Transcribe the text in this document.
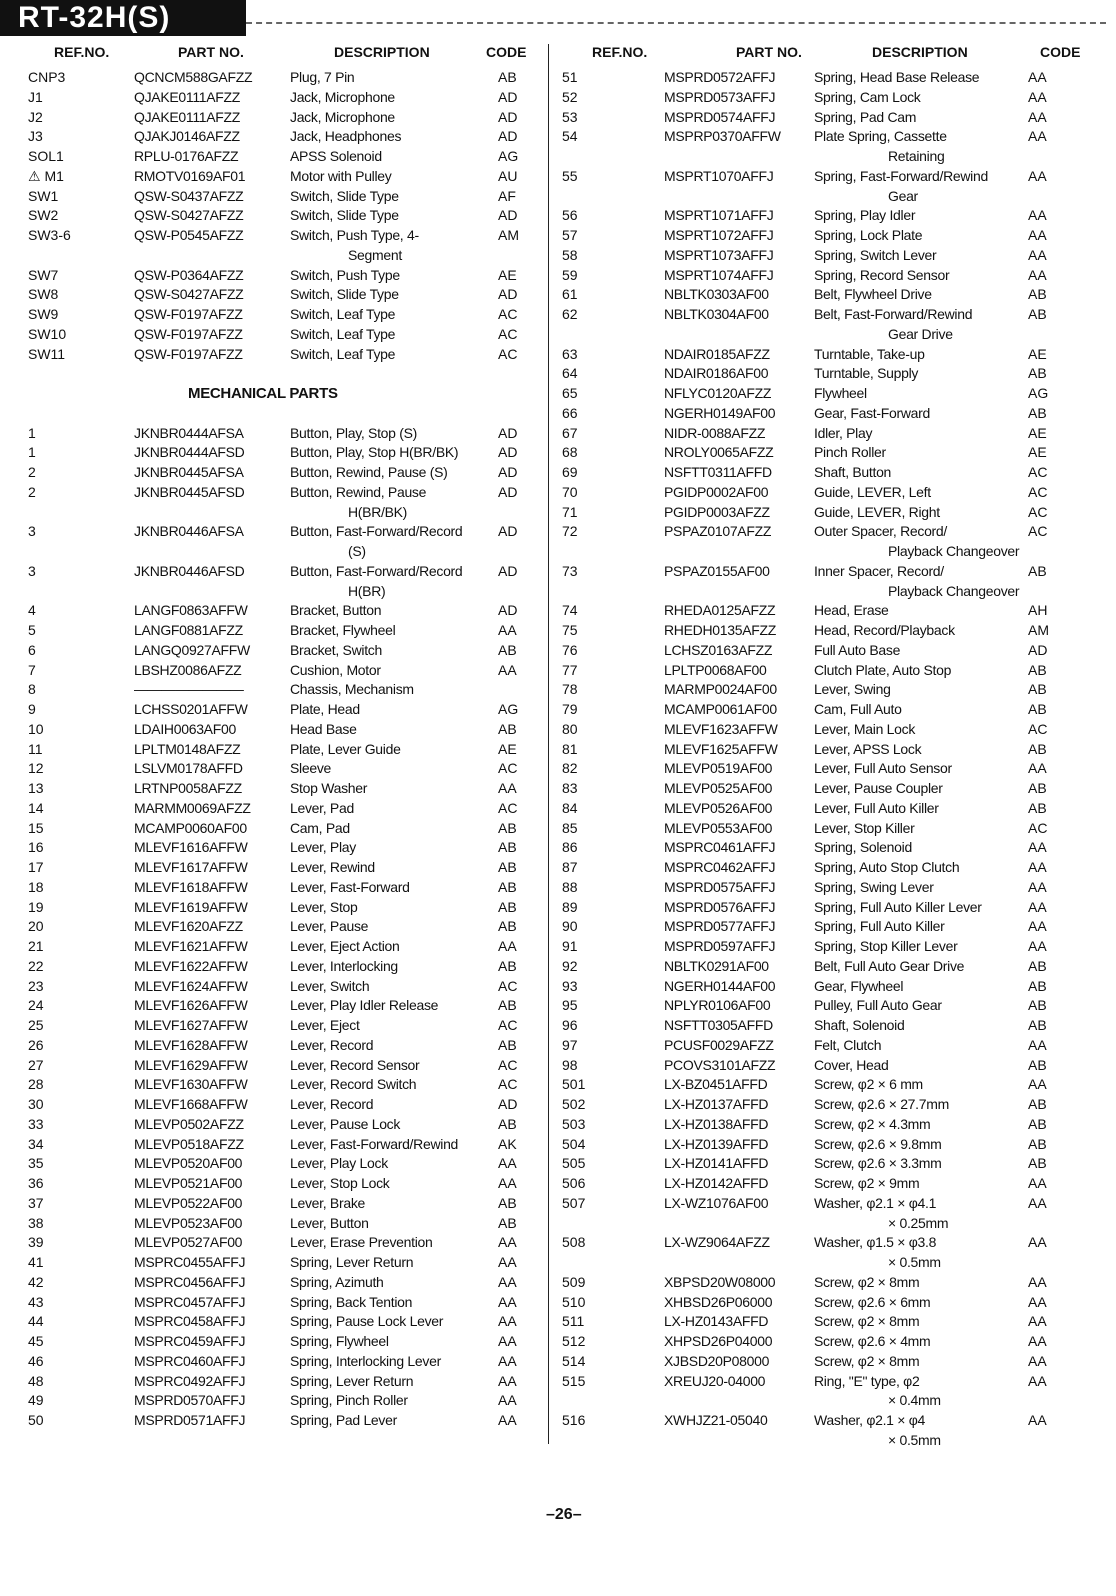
RT-32H(S)
REF.NO.	PART NO.	DESCRIPTION	CODE	REF.NO.	PART NO.	DESCRIPTION	CODE
CNP3	QCNCM588GAFZZ	Plug, 7 Pin	AB
J1	QJAKE0111AFZZ	Jack, Microphone	AD
J2	QJAKE0111AFZZ	Jack, Microphone	AD
J3	QJAKJ0146AFZZ	Jack, Headphones	AD
SOL1	RPLU-0176AFZZ	APSS Solenoid	AG
⚠ M1	RMOTV0169AF01	Motor with Pulley	AU
SW1	QSW-S0437AFZZ	Switch, Slide Type	AF
SW2	QSW-S0427AFZZ	Switch, Slide Type	AD
SW3-6	QSW-P0545AFZZ	Switch, Push Type, 4-	AM
Segment
SW7	QSW-P0364AFZZ	Switch, Push Type	AE
SW8	QSW-S0427AFZZ	Switch, Slide Type	AD
SW9	QSW-F0197AFZZ	Switch, Leaf Type	AC
SW10	QSW-F0197AFZZ	Switch, Leaf Type	AC
SW11	QSW-F0197AFZZ	Switch, Leaf Type	AC
MECHANICAL PARTS
1	JKNBR0444AFSA	Button, Play, Stop (S)	AD
1	JKNBR0444AFSD	Button, Play, Stop H(BR/BK)	AD
2	JKNBR0445AFSA	Button, Rewind, Pause (S)	AD
2	JKNBR0445AFSD	Button, Rewind, Pause	AD
H(BR/BK)
3	JKNBR0446AFSA	Button, Fast-Forward/Record	AD
(S)
3	JKNBR0446AFSD	Button, Fast-Forward/Record	AD
H(BR)
4	LANGF0863AFFW	Bracket, Button	AD
5	LANGF0881AFZZ	Bracket, Flywheel	AA
6	LANGQ0927AFFW	Bracket, Switch	AB
7	LBSHZ0086AFZZ	Cushion, Motor	AA
8	————————	Chassis, Mechanism
9	LCHSS0201AFFW	Plate, Head	AG
10	LDAIH0063AF00	Head Base	AB
11	LPLTM0148AFZZ	Plate, Lever Guide	AE
12	LSLVM0178AFFD	Sleeve	AC
13	LRTNP0058AFZZ	Stop Washer	AA
14	MARMM0069AFZZ	Lever, Pad	AC
15	MCAMP0060AF00	Cam, Pad	AB
16	MLEVF1616AFFW	Lever, Play	AB
17	MLEVF1617AFFW	Lever, Rewind	AB
18	MLEVF1618AFFW	Lever, Fast-Forward	AB
19	MLEVF1619AFFW	Lever, Stop	AB
20	MLEVF1620AFZZ	Lever, Pause	AB
21	MLEVF1621AFFW	Lever, Eject Action	AA
22	MLEVF1622AFFW	Lever, Interlocking	AB
23	MLEVF1624AFFW	Lever, Switch	AC
24	MLEVF1626AFFW	Lever, Play Idler Release	AB
25	MLEVF1627AFFW	Lever, Eject	AC
26	MLEVF1628AFFW	Lever, Record	AB
27	MLEVF1629AFFW	Lever, Record Sensor	AC
28	MLEVF1630AFFW	Lever, Record Switch	AC
30	MLEVF1668AFFW	Lever, Record	AD
33	MLEVP0502AFZZ	Lever, Pause Lock	AB
34	MLEVP0518AFZZ	Lever, Fast-Forward/Rewind	AK
35	MLEVP0520AF00	Lever, Play Lock	AA
36	MLEVP0521AF00	Lever, Stop Lock	AA
37	MLEVP0522AF00	Lever, Brake	AB
38	MLEVP0523AF00	Lever, Button	AB
39	MLEVP0527AF00	Lever, Erase Prevention	AA
41	MSPRC0455AFFJ	Spring, Lever Return	AA
42	MSPRC0456AFFJ	Spring, Azimuth	AA
43	MSPRC0457AFFJ	Spring, Back Tention	AA
44	MSPRC0458AFFJ	Spring, Pause Lock Lever	AA
45	MSPRC0459AFFJ	Spring, Flywheel	AA
46	MSPRC0460AFFJ	Spring, Interlocking Lever	AA
48	MSPRC0492AFFJ	Spring, Lever Return	AA
49	MSPRD0570AFFJ	Spring, Pinch Roller	AA
50	MSPRD0571AFFJ	Spring, Pad Lever	AA
51	MSPRD0572AFFJ	Spring, Head Base Release	AA
52	MSPRD0573AFFJ	Spring, Cam Lock	AA
53	MSPRD0574AFFJ	Spring, Pad Cam	AA
54	MSPRP0370AFFW	Plate Spring, Cassette	AA
Retaining
55	MSPRT1070AFFJ	Spring, Fast-Forward/Rewind	AA
Gear
56	MSPRT1071AFFJ	Spring, Play Idler	AA
57	MSPRT1072AFFJ	Spring, Lock Plate	AA
58	MSPRT1073AFFJ	Spring, Switch Lever	AA
59	MSPRT1074AFFJ	Spring, Record Sensor	AA
61	NBLTK0303AF00	Belt, Flywheel Drive	AB
62	NBLTK0304AF00	Belt, Fast-Forward/Rewind	AB
Gear Drive
63	NDAIR0185AFZZ	Turntable, Take-up	AE
64	NDAIR0186AF00	Turntable, Supply	AB
65	NFLYC0120AFZZ	Flywheel	AG
66	NGERH0149AF00	Gear, Fast-Forward	AB
67	NIDR-0088AFZZ	Idler, Play	AE
68	NROLY0065AFZZ	Pinch Roller	AE
69	NSFTT0311AFFD	Shaft, Button	AC
70	PGIDP0002AF00	Guide, LEVER, Left	AC
71	PGIDP0003AFZZ	Guide, LEVER, Right	AC
72	PSPAZ0107AFZZ	Outer Spacer, Record/	AC
Playback Changeover
73	PSPAZ0155AF00	Inner Spacer, Record/	AB
Playback Changeover
74	RHEDA0125AFZZ	Head, Erase	AH
75	RHEDH0135AFZZ	Head, Record/Playback	AM
76	LCHSZ0163AFZZ	Full Auto Base	AD
77	LPLTP0068AF00	Clutch Plate, Auto Stop	AB
78	MARMP0024AF00	Lever, Swing	AB
79	MCAMP0061AF00	Cam, Full Auto	AB
80	MLEVF1623AFFW	Lever, Main Lock	AC
81	MLEVF1625AFFW	Lever, APSS Lock	AB
82	MLEVP0519AF00	Lever, Full Auto Sensor	AA
83	MLEVP0525AF00	Lever, Pause Coupler	AB
84	MLEVP0526AF00	Lever, Full Auto Killer	AB
85	MLEVP0553AF00	Lever, Stop Killer	AC
86	MSPRC0461AFFJ	Spring, Solenoid	AA
87	MSPRC0462AFFJ	Spring, Auto Stop Clutch	AA
88	MSPRD0575AFFJ	Spring, Swing Lever	AA
89	MSPRD0576AFFJ	Spring, Full Auto Killer Lever	AA
90	MSPRD0577AFFJ	Spring, Full Auto Killer	AA
91	MSPRD0597AFFJ	Spring, Stop Killer Lever	AA
92	NBLTK0291AF00	Belt, Full Auto Gear Drive	AB
93	NGERH0144AF00	Gear, Flywheel	AB
95	NPLYR0106AF00	Pulley, Full Auto Gear	AB
96	NSFTT0305AFFD	Shaft, Solenoid	AB
97	PCUSF0029AFZZ	Felt, Clutch	AA
98	PCOVS3101AFZZ	Cover, Head	AB
501	LX-BZ0451AFFD	Screw, φ2 × 6 mm	AA
502	LX-HZ0137AFFD	Screw, φ2.6 × 27.7mm	AB
503	LX-HZ0138AFFD	Screw, φ2 × 4.3mm	AB
504	LX-HZ0139AFFD	Screw, φ2.6 × 9.8mm	AB
505	LX-HZ0141AFFD	Screw, φ2.6 × 3.3mm	AB
506	LX-HZ0142AFFD	Screw, φ2 × 9mm	AA
507	LX-WZ1076AF00	Washer, φ2.1 × φ4.1	AA
× 0.25mm
508	LX-WZ9064AFZZ	Washer, φ1.5 × φ3.8	AA
× 0.5mm
509	XBPSD20W08000	Screw, φ2 × 8mm	AA
510	XHBSD26P06000	Screw, φ2.6 × 6mm	AA
511	LX-HZ0143AFFD	Screw, φ2 × 8mm	AA
512	XHPSD26P04000	Screw, φ2.6 × 4mm	AA
514	XJBSD20P08000	Screw, φ2 × 8mm	AA
515	XREUJ20-04000	Ring, "E" type, φ2	AA
× 0.4mm
516	XWHJZ21-05040	Washer, φ2.1 × φ4	AA
× 0.5mm
–26–
